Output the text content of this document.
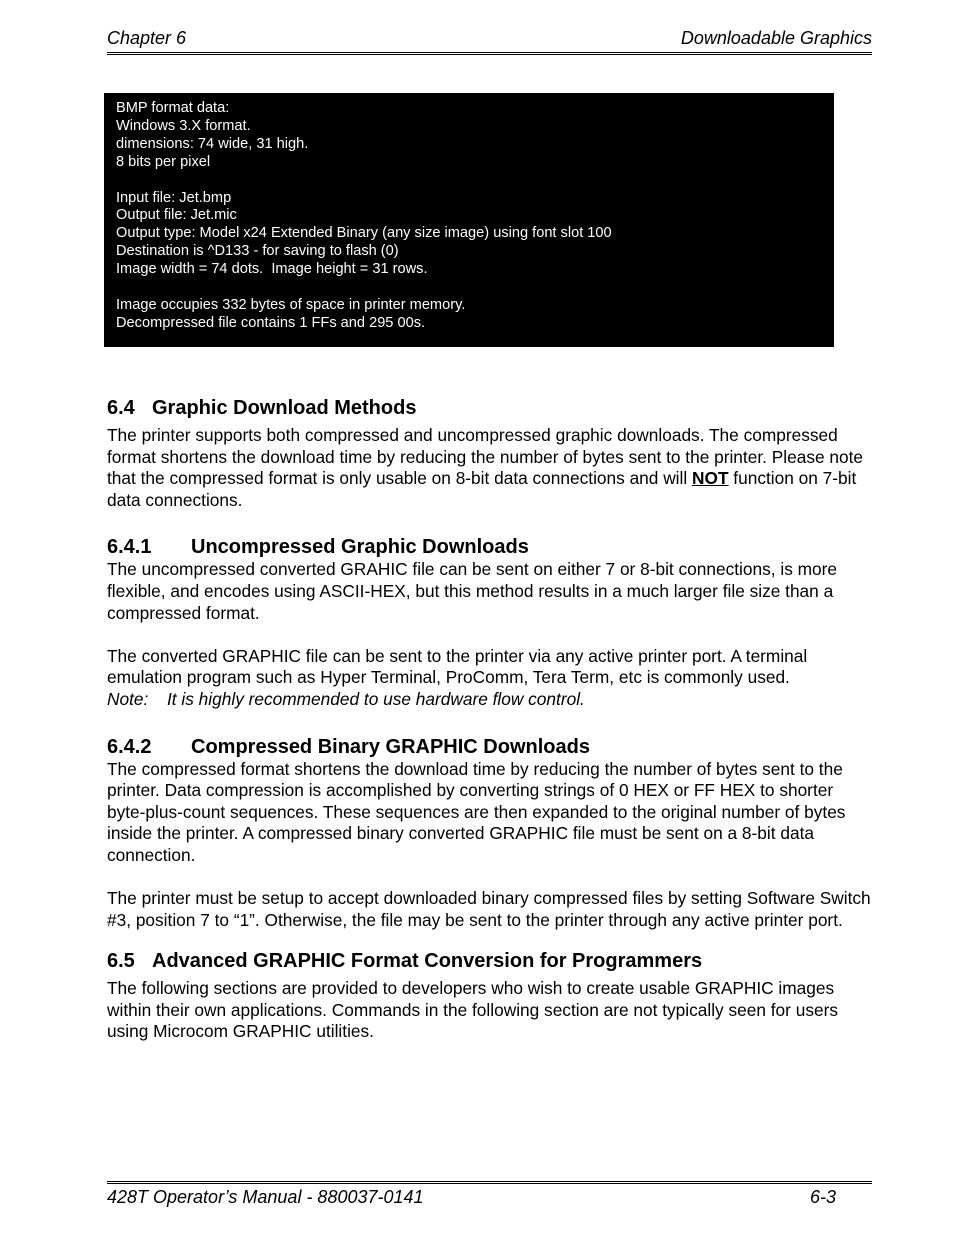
Chapter 6	Downloadable Graphics
BMP format data:
Windows 3.X format.
dimensions: 74 wide, 31 high.
8 bits per pixel
Input file: Jet.bmp
Output file: Jet.mic
Output type: Model x24 Extended Binary (any size image) using font slot 100
Destination is ^D133 - for saving to flash (0)
Image width = 74 dots.  Image height = 31 rows.
Image occupies 332 bytes of space in printer memory.
Decompressed file contains 1 FFs and 295 00s.
6.4 Graphic Download Methods

The printer supports both compressed and uncompressed graphic downloads. The compressed format shortens the download time by reducing the number of bytes sent to the printer. Please note that the compressed format is only usable on 8-bit data connections and will NOT function on 7-bit data connections.

6.4.1 Uncompressed Graphic Downloads

The uncompressed converted GRAHIC file can be sent on either 7 or 8-bit connections, is more flexible, and encodes using ASCII-HEX, but this method results in a much larger file size than a compressed format.

The converted GRAPHIC file can be sent to the printer via any active printer port. A terminal emulation program such as Hyper Terminal, ProComm, Tera Term, etc is commonly used.

Note: It is highly recommended to use hardware flow control.

6.4.2 Compressed Binary GRAPHIC Downloads

The compressed format shortens the download time by reducing the number of bytes sent to the printer. Data compression is accomplished by converting strings of 0 HEX or FF HEX to shorter byte-plus-count sequences. These sequences are then expanded to the original number of bytes inside the printer. A compressed binary converted GRAPHIC file must be sent on a 8-bit data connection.

The printer must be setup to accept downloaded binary compressed files by setting Software Switch #3, position 7 to “1”. Otherwise, the file may be sent to the printer through any active printer port.

6.5 Advanced GRAPHIC Format Conversion for Programmers

The following sections are provided to developers who wish to create usable GRAPHIC images within their own applications. Commands in the following section are not typically seen for users using Microcom GRAPHIC utilities.

428T Operator’s Manual - 880037-0141	6-3
